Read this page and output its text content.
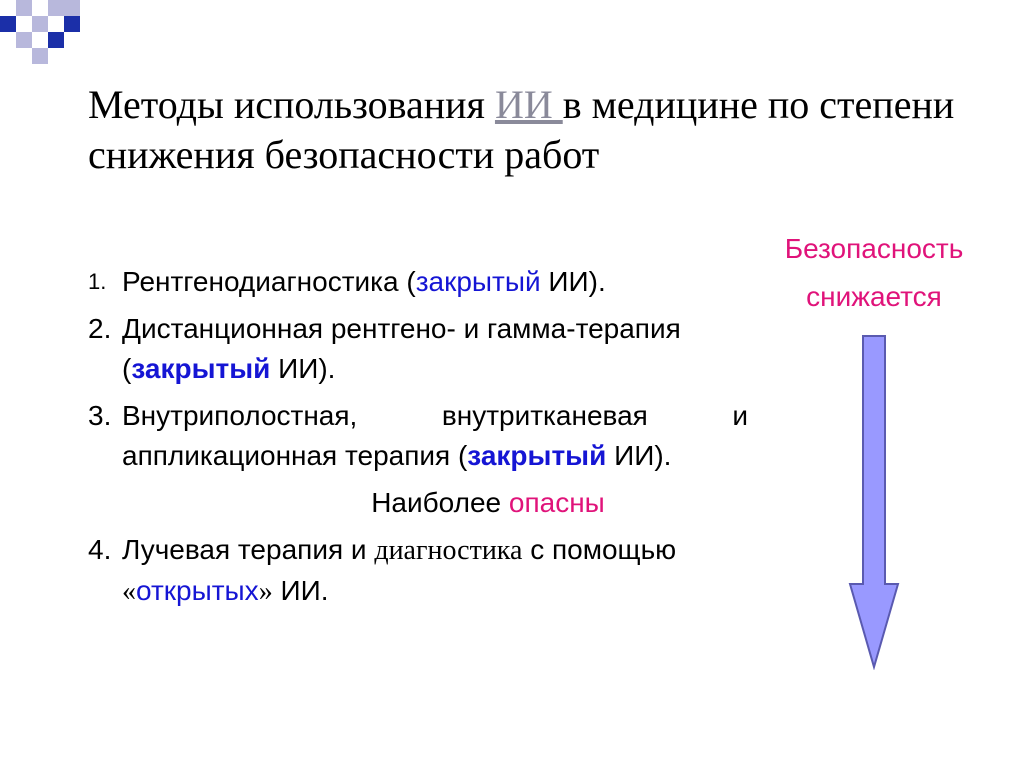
Методы использования ИИ в медицине по степени снижения безопасности работ
1. Рентгенодиагностика (закрытый ИИ).
2. Дистанционная рентгено- и гамма-терапия (закрытый ИИ).
3. Внутриполостная, внутритканевая и аппликационная терапия (закрытый ИИ).
Наиболее опасны
4. Лучевая терапия и диагностика с помощью «открытых» ИИ.
Безопасность
снижается
